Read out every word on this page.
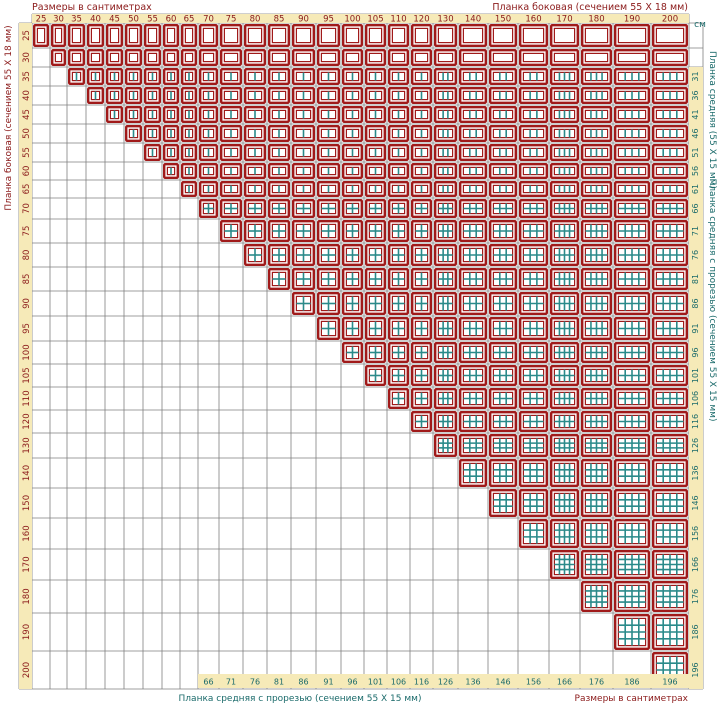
25 30 35 40 45 50 55 60 65 70 75 80 85 90 95 100 105 110 120 130 140 150 160 170 180 190	200
25
30
35
40
45
50
55
60
65
70
75
80
85
90
95
100
105
110
120
130
140
150
160
170
180
190
200
31
36
41
46
51
56
61
66
71
76
81
86
91
96
101
106
116
126
136
146
156
166
176
186
196
66 71 76 81 86 91 96 101 106 116 126 136 146 156 166 176	186	196
Размеры в сантиметрах	Планка боковая (сечением 55 Х 18 мм)
Планка боковая (сечением 55 Х 18 мм)	Планка средняя (55 Х 15 мм)
Планка средняя с прорезью (сечением 55 Х 15 мм)
Планка средняя с прорезью (сечением 55 Х 15 мм)	Размеры в сантиметрах
см
